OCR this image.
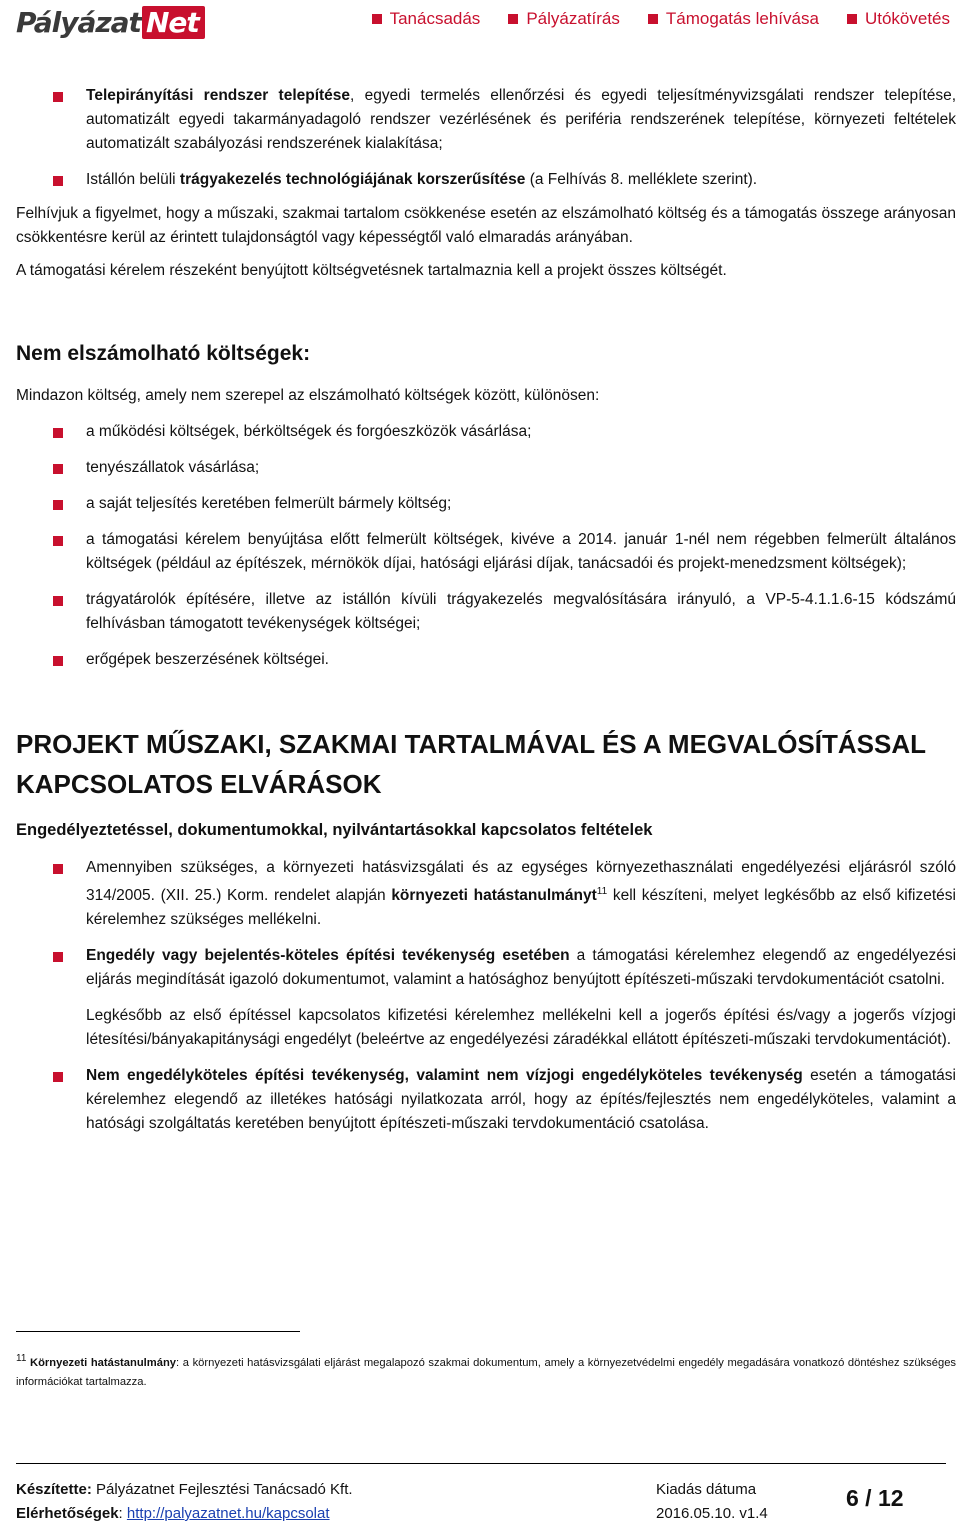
Pályázat Net	Tanácsadás	Pályázatírás	Támogatás lehívása	Utókövetés
Telepirányítási rendszer telepítése, egyedi termelés ellenőrzési és egyedi teljesítményvizsgálati rendszer telepítése, automatizált egyedi takarmányadagoló rendszer vezérlésének és periféria rendszerének telepítése, környezeti feltételek automatizált szabályozási rendszerének kialakítása;
Istállón belüli trágyakezelés technológiájának korszerűsítése (a Felhívás 8. melléklete szerint).

Felhívjuk a figyelmet, hogy a műszaki, szakmai tartalom csökkenése esetén az elszámolható költség és a támogatás összege arányosan csökkentésre kerül az érintett tulajdonságtól vagy képességtől való elmaradás arányában.

A támogatási kérelem részeként benyújtott költségvetésnek tartalmaznia kell a projekt összes költségét.

Nem elszámolható költségek:

Mindazon költség, amely nem szerepel az elszámolható költségek között, különösen:

a működési költségek, bérköltségek és forgóeszközök vásárlása;
tenyészállatok vásárlása;
a saját teljesítés keretében felmerült bármely költség;
a támogatási kérelem benyújtása előtt felmerült költségek, kivéve a 2014. január 1-nél nem régebben felmerült általános költségek (például az építészek, mérnökök díjai, hatósági eljárási díjak, tanácsadói és projekt-menedzsment költségek);
trágyatárolók építésére, illetve az istállón kívüli trágyakezelés megvalósítására irányuló, a VP-5-4.1.1.6-15 kódszámú felhívásban támogatott tevékenységek költségei;
erőgépek beszerzésének költségei.
PROJEKT MŰSZAKI, SZAKMAI TARTALMÁVAL ÉS A MEGVALÓSÍTÁSSAL KAPCSOLATOS ELVÁRÁSOK
Engedélyeztetéssel, dokumentumokkal, nyilvántartásokkal kapcsolatos feltételek
Amennyiben szükséges, a környezeti hatásvizsgálati és az egységes környezethasználati engedélyezési eljárásról szóló 314/2005. (XII. 25.) Korm. rendelet alapján környezeti hatástanulmányt$^{11}$ kell készíteni, melyet legkésőbb az első kifizetési kérelemhez szükséges mellékelni.
Engedély vagy bejelentés-köteles építési tevékenység esetében a támogatási kérelemhez elegendő az engedélyezési eljárás megindítását igazoló dokumentumot, valamint a hatósághoz benyújtott építészeti-műszaki tervdokumentációt csatolni.
Legkésőbb az első építéssel kapcsolatos kifizetési kérelemhez mellékelni kell a jogerős építési és/vagy a jogerős vízjogi létesítési/bányakapitánysági engedélyt (beleértve az engedélyezési záradékkal ellátott építészeti-műszaki tervdokumentációt).
Nem engedélyköteles építési tevékenység, valamint nem vízjogi engedélyköteles tevékenység esetén a támogatási kérelemhez elegendő az illetékes hatósági nyilatkozata arról, hogy az építés/fejlesztés nem engedélyköteles, valamint a hatósági szolgáltatás keretében benyújtott építészeti-műszaki tervdokumentáció csatolása.
$^{11}$ Környezeti hatástanulmány: a környezeti hatásvizsgálati eljárást megalapozó szakmai dokumentum, amely a környezetvédelmi engedély megadására vonatkozó döntéshez szükséges információkat tartalmazza.
Készítette: Pályázatnet Fejlesztési Tanácsadó Kft.
Elérhetőségek: http://palyazatnet.hu/kapcsolat
Kiadás dátuma
2016.05.10. v1.4
6 / 12
